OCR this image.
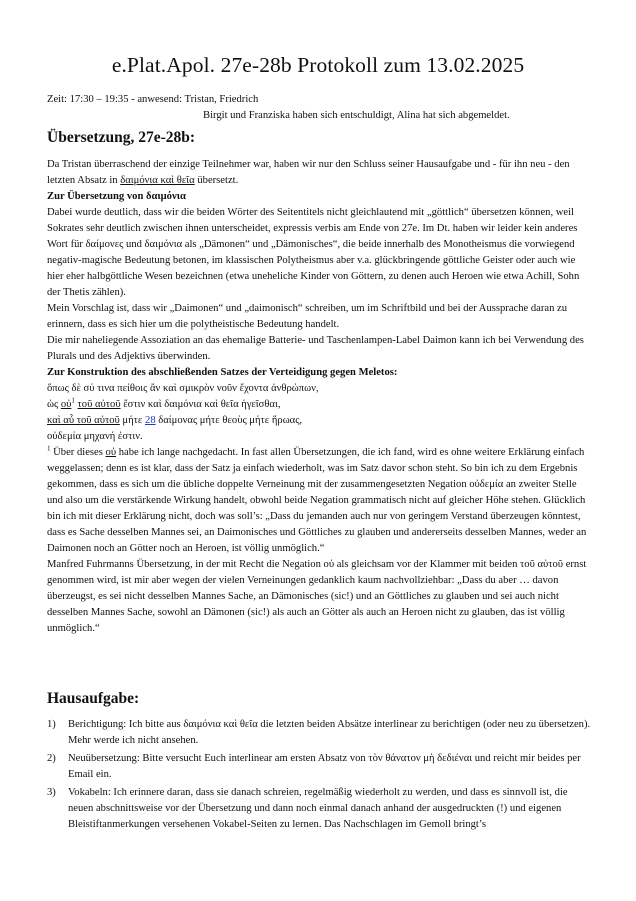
e.Plat.Apol. 27e-28b Protokoll zum 13.02.2025
Zeit: 17:30 – 19:35 - anwesend: Tristan, Friedrich
Birgit und Franziska haben sich entschuldigt, Alina hat sich abgemeldet.
Übersetzung, 27e-28b:

Da Tristan überraschend der einzige Teilnehmer war, haben wir nur den Schluss seiner Hausaufgabe und - für ihn neu - den letzten Absatz in δαιμόνια καὶ θεῖα übersetzt.

Zur Übersetzung von δαιμόνια

Dabei wurde deutlich, dass wir die beiden Wörter des Seitentitels nicht gleichlautend mit „göttlich“ übersetzen können, weil Sokrates sehr deutlich zwischen ihnen unterscheidet, expressis verbis am Ende von 27e. Im Dt. haben wir leider kein anderes Wort für δαίμονες und δαιμόνια als „Dämonen“ und „Dämonisches“, die beide innerhalb des Monotheismus die vorwiegend negativ-magische Bedeutung betonen, im klassischen Polytheismus aber v.a. glückbringende göttliche Geister oder auch wie hier eher halbgöttliche Wesen bezeichnen (etwa uneheliche Kinder von Göttern, zu denen auch Heroen wie etwa Achill, Sohn der Thetis zählen).

Mein Vorschlag ist, dass wir „Daimonen“ und „daimonisch“ schreiben, um im Schriftbild und bei der Aussprache daran zu erinnern, dass es sich hier um die polytheistische Bedeutung handelt.

Die mir naheliegende Assoziation an das ehemalige Batterie- und Taschenlampen-Label Daimon kann ich bei Verwendung des Plurals und des Adjektivs überwinden.

Zur Konstruktion des abschließenden Satzes der Verteidigung gegen Meletos:

ὅπως δὲ σύ τινα πείθοις ἂν καὶ σμικρὸν νοῦν ἔχοντα ἀνθρώπων,

ὡς οὐ$^1$ τοῦ αὐτοῦ ἔστιν καὶ δαιμόνια καὶ θεῖα ἡγεῖσθαι,

καὶ αὖ τοῦ αὐτοῦ μήτε 28 δαίμονας μήτε θεοὺς μήτε ἥρωας,

οὐδεμία μηχανή ἐστιν.

$^1$ Über dieses οὐ habe ich lange nachgedacht. In fast allen Übersetzungen, die ich fand, wird es ohne weitere Erklärung einfach weggelassen; denn es ist klar, dass der Satz ja einfach wiederholt, was im Satz davor schon steht. So bin ich zu dem Ergebnis gekommen, dass es sich um die übliche doppelte Verneinung mit der zusammengesetzten Negation οὐδεμία an zweiter Stelle und also um die verstärkende Wirkung handelt, obwohl beide Negation grammatisch nicht auf gleicher Höhe stehen. Glücklich bin ich mit dieser Erklärung nicht, doch was soll’s: „Dass du jemanden auch nur von geringem Verstand überzeugen könntest, dass es Sache desselben Mannes sei, an Daimonisches und Göttliches zu glauben und andererseits desselben Mannes, weder an Daimonen noch an Götter noch an Heroen, ist völlig unmöglich.“

Manfred Fuhrmanns Übersetzung, in der mit Recht die Negation οὐ als gleichsam vor der Klammer mit beiden τοῦ αὐτοῦ ernst genommen wird, ist mir aber wegen der vielen Verneinungen gedanklich kaum nachvollziehbar: „Dass du aber … davon überzeugst, es sei nicht desselben Mannes Sache, an Dämonisches (sic!) und an Göttliches zu glauben und sei auch nicht desselben Mannes Sache, sowohl an Dämonen (sic!) als auch an Götter als auch an Heroen nicht zu glauben, das ist völlig unmöglich.“

Hausaufgabe:
1) Berichtigung: Ich bitte aus δαιμόνια καὶ θεῖα die letzten beiden Absätze interlinear zu berichtigen (oder neu zu übersetzen). Mehr werde ich nicht ansehen.
2) Neuübersetzung: Bitte versucht Euch interlinear am ersten Absatz von τὸν θάνατον μὴ δεδιέναι und reicht mir beides per Email ein.
3) Vokabeln: Ich erinnere daran, dass sie danach schreien, regelmäßig wiederholt zu werden, und dass es sinnvoll ist, die neuen abschnittsweise vor der Übersetzung und dann noch einmal danach anhand der ausgedruckten (!) und eigenen Bleistiftanmerkungen versehenen Vokabel-Seiten zu lernen. Das Nachschlagen im Gemoll bringt’s
